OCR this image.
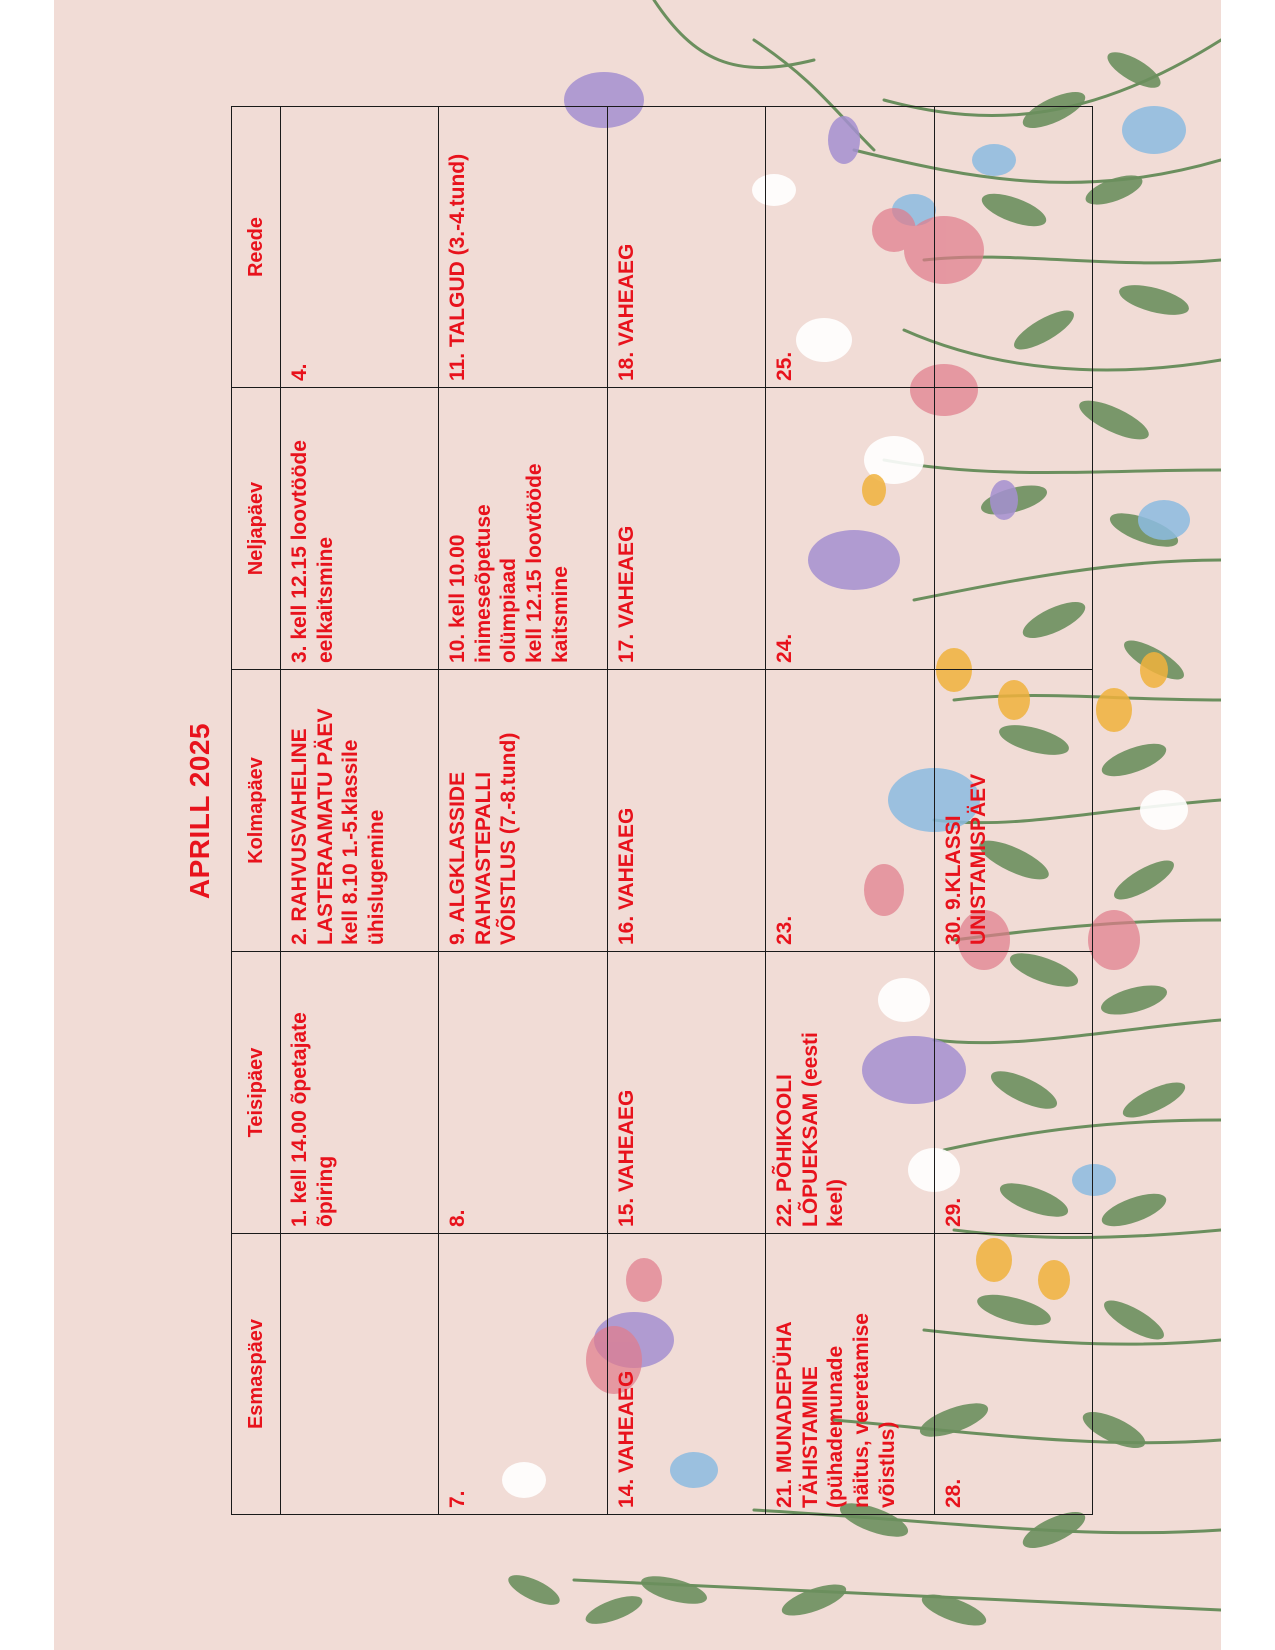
APRILL 2025
Esmaspäev	Teisipäev	Kolmapäev	Neljapäev	Reede

	1. kell 14.00 õpetajate
õpiring	2. RAHVUSVAHELINE
LASTERAAMATU PÄEV
kell 8.10 1.-5.klassile
ühislugemine	3. kell 12.15 loovtööde
eelkaitsmine	4.

7.	8.	9. ALGKLASSIDE
RAHVASTEPALLI
VÕISTLUS (7.-8.tund)	10. kell 10.00
inimeseõpetuse
olümpiaad
kell 12.15 loovtööde
kaitsmine	11. TALGUD (3.-4.tund)

14. VAHEAEG	15. VAHEAEG	16. VAHEAEG	17. VAHEAEG	18. VAHEAEG

21. MUNADEPÜHA
TÄHISTAMINE
(pühademunade
näitus, veeretamise
võistlus)	22. PÕHIKOOLI
LÕPUEKSAM (eesti
keel)	23.	24.	25.

28.	29.	30. 9.KLASSI
UNISTAMISPÄEV		
